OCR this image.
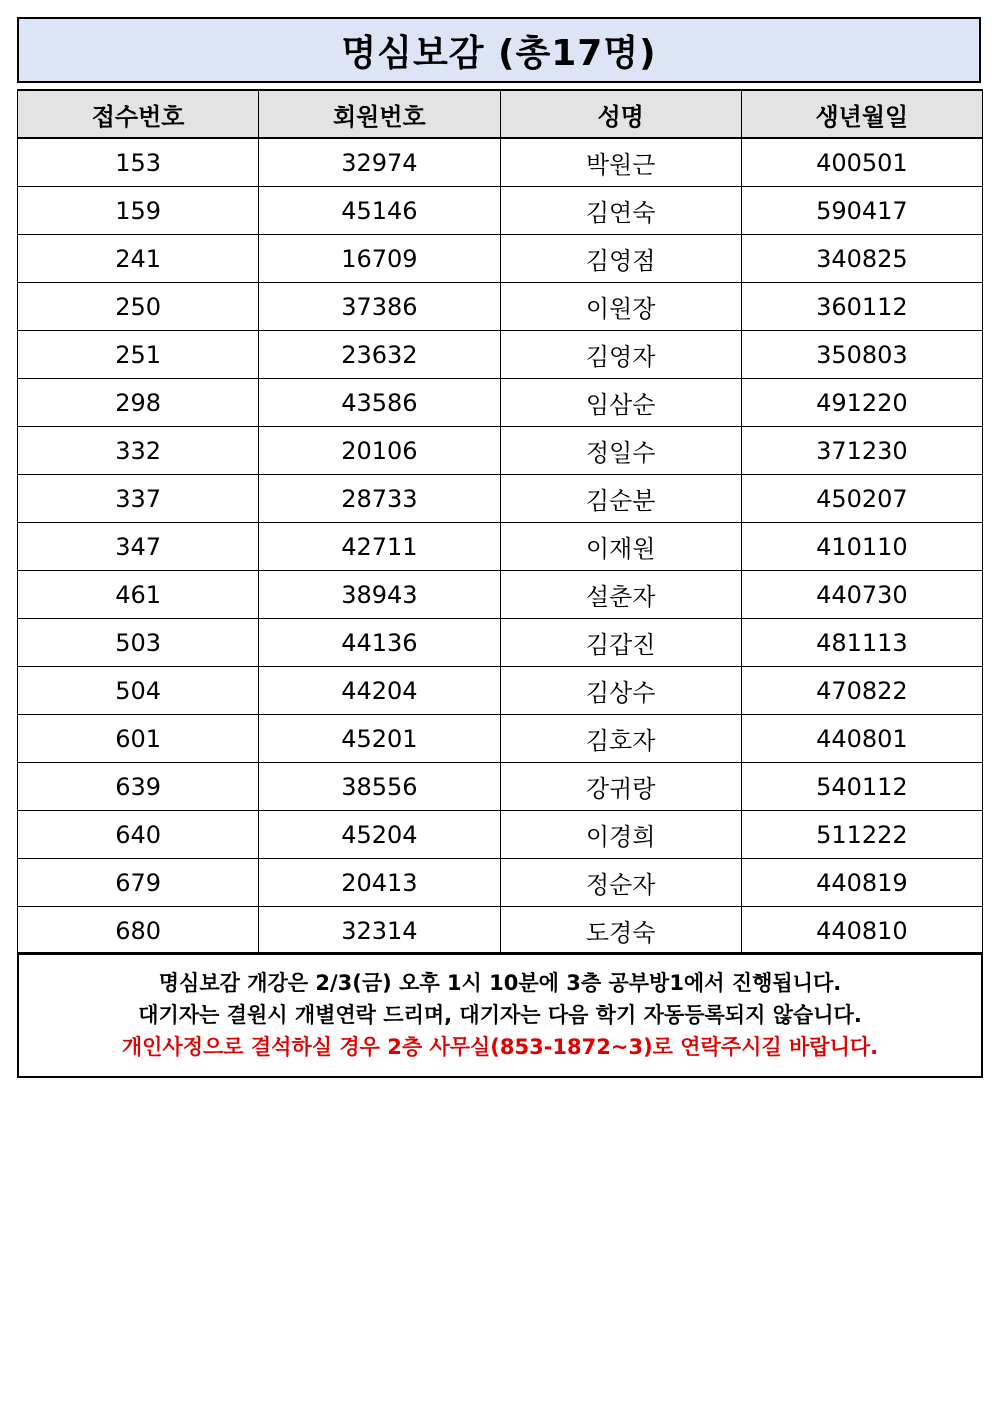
명심보감 (총17명)
접수번호	회원번호	성명	생년월일
153	32974	박원근	400501
159	45146	김연숙	590417
241	16709	김영점	340825
250	37386	이원장	360112
251	23632	김영자	350803
298	43586	임삼순	491220
332	20106	정일수	371230
337	28733	김순분	450207
347	42711	이재원	410110
461	38943	설춘자	440730
503	44136	김갑진	481113
504	44204	김상수	470822
601	45201	김호자	440801
639	38556	강귀랑	540112
640	45204	이경희	511222
679	20413	정순자	440819
680	32314	도경숙	440810
명심보감 개강은 2/3(금) 오후 1시 10분에 3층 공부방1에서 진행됩니다.
대기자는 결원시 개별연락 드리며, 대기자는 다음 학기 자동등록되지 않습니다.
개인사정으로 결석하실 경우 2층 사무실(853-1872~3)로 연락주시길 바랍니다.
